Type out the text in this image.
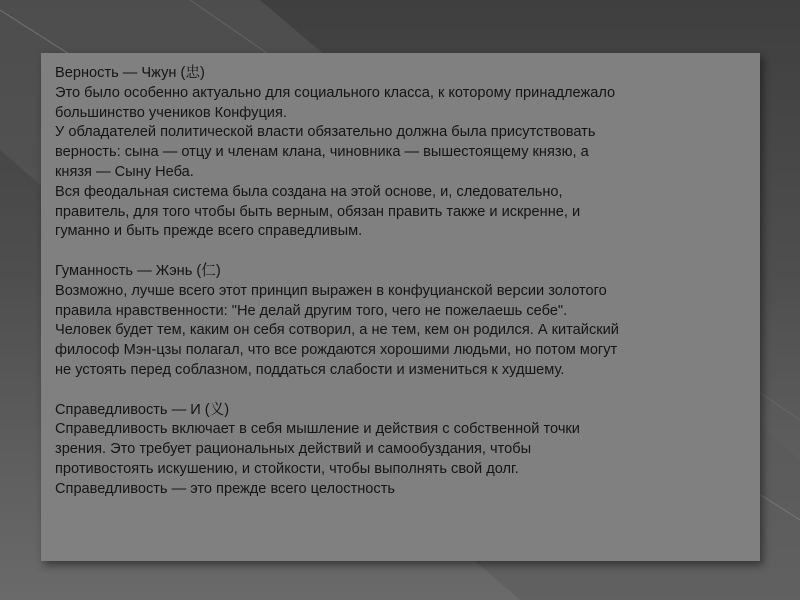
Верность — Чжун (忠)
Это было особенно актуально для социального класса, к которому принадлежало
большинство учеников Конфуция.
У обладателей политической власти обязательно должна была присутствовать
верность: сына — отцу и членам клана, чиновника — вышестоящему князю, а
князя — Сыну Неба.
Вся феодальная система была создана на этой основе, и, следовательно,
правитель, для того чтобы быть верным, обязан править также и искренне, и
гуманно и быть прежде всего справедливым.
Гуманность — Жэнь (仁)
Возможно, лучше всего этот принцип выражен в конфуцианской версии золотого
правила нравственности: "Не делай другим того, чего не пожелаешь себе".
Человек будет тем, каким он себя сотворил, а не тем, кем он родился. А китайский
философ Мэн-цзы полагал, что все рождаются хорошими людьми, но потом могут
не устоять перед соблазном, поддаться слабости и измениться к худшему.
Справедливость — И (义)
Справедливость включает в себя мышление и действия с собственной точки
зрения. Это требует рациональных действий и самообуздания, чтобы
противостоять искушению, и стойкости, чтобы выполнять свой долг.
Справедливость — это прежде всего целостность
